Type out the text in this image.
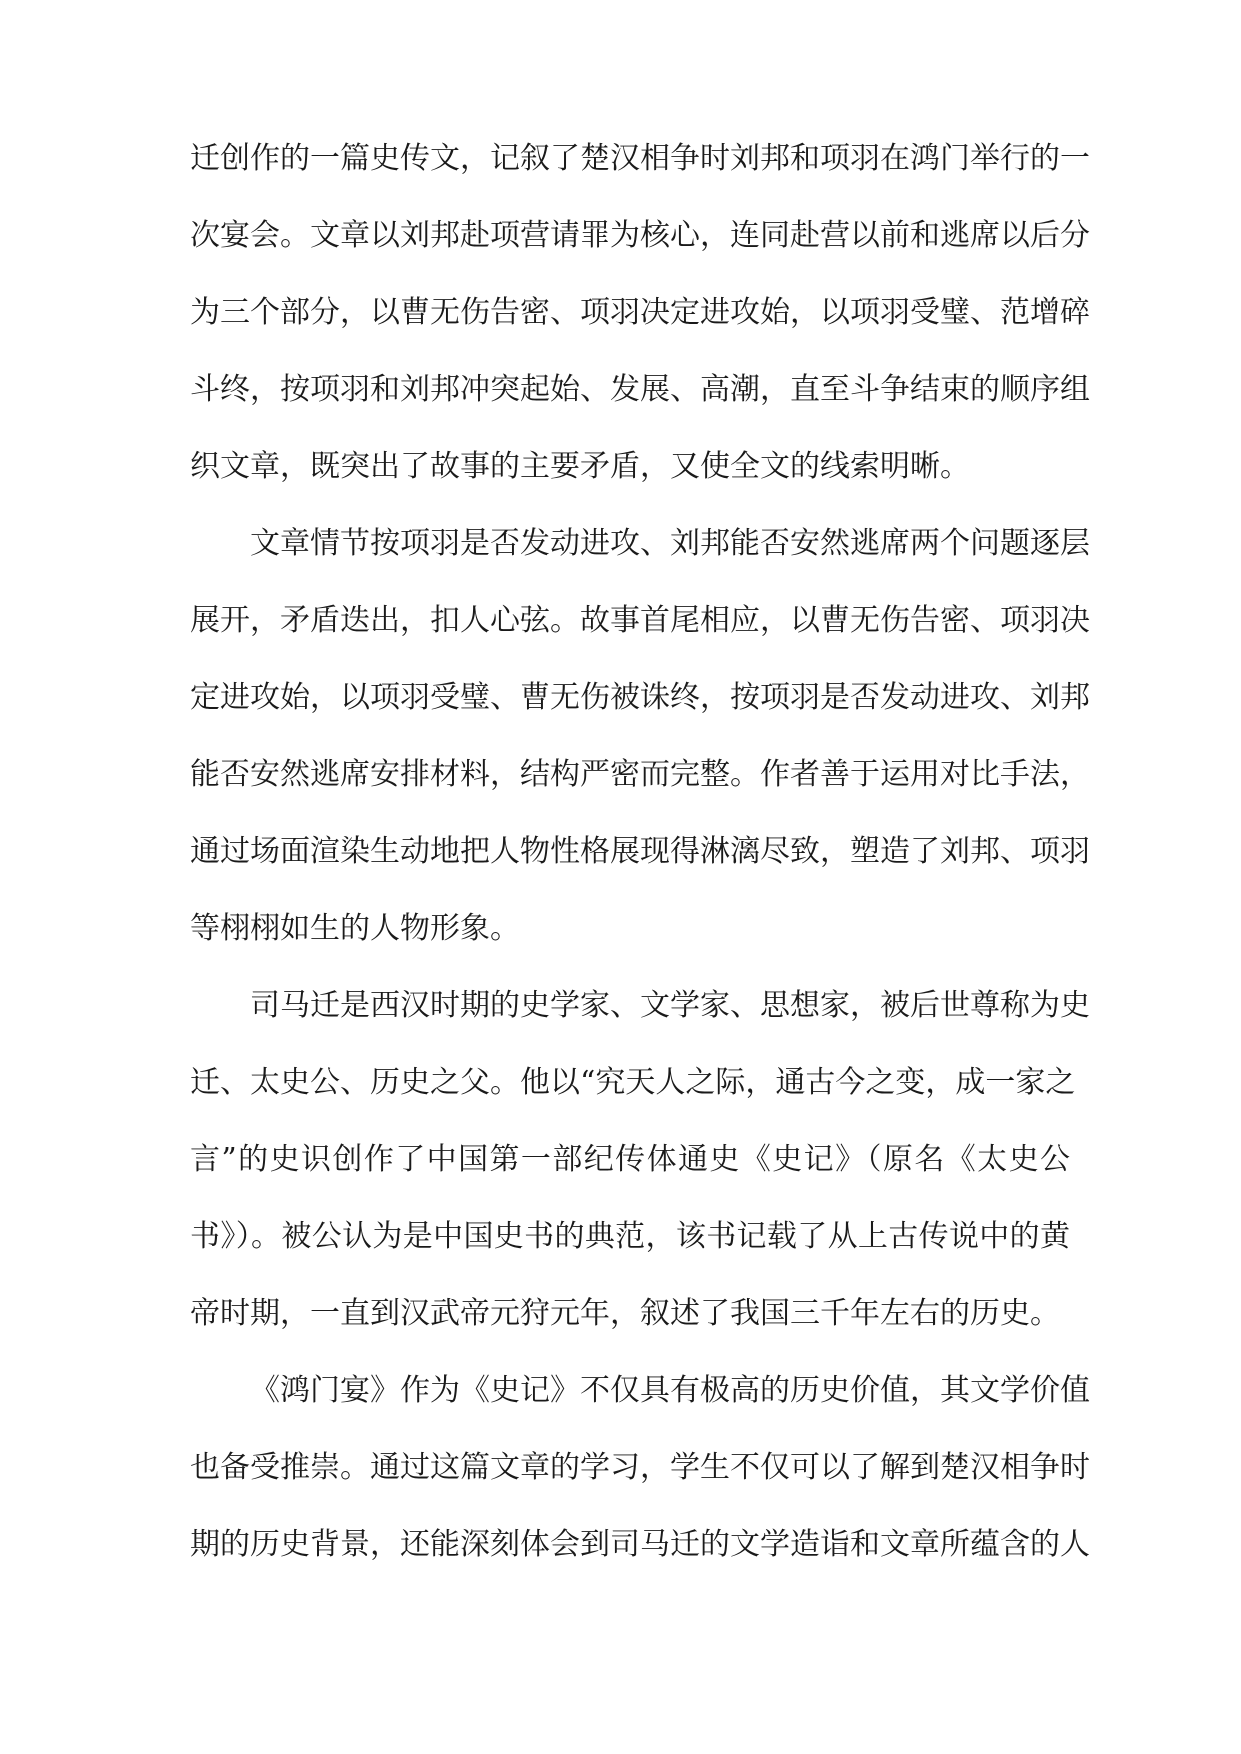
迁创作的一篇史传文，记叙了楚汉相争时刘邦和项羽在鸿门举行的一
次宴会。文章以刘邦赴项营请罪为核心，连同赴营以前和逃席以后分
为三个部分，以曹无伤告密、项羽决定进攻始，以项羽受璧、范增碎
斗终，按项羽和刘邦冲突起始、发展、高潮，直至斗争结束的顺序组
织文章，既突出了故事的主要矛盾，又使全文的线索明晰。
文章情节按项羽是否发动进攻、刘邦能否安然逃席两个问题逐层
展开，矛盾迭出，扣人心弦。故事首尾相应，以曹无伤告密、项羽决
定进攻始，以项羽受璧、曹无伤被诛终，按项羽是否发动进攻、刘邦
能否安然逃席安排材料，结构严密而完整。作者善于运用对比手法，
通过场面渲染生动地把人物性格展现得淋漓尽致，塑造了刘邦、项羽
等栩栩如生的人物形象。
司马迁是西汉时期的史学家、文学家、思想家，被后世尊称为史
迁、太史公、历史之父。他以“究天人之际，通古今之变，成一家之
言”的史识创作了中国第一部纪传体通史《史记》（原名《太史公
书》）。被公认为是中国史书的典范，该书记载了从上古传说中的黄
帝时期，一直到汉武帝元狩元年，叙述了我国三千年左右的历史。
《鸿门宴》作为《史记》不仅具有极高的历史价值，其文学价值
也备受推崇。通过这篇文章的学习，学生不仅可以了解到楚汉相争时
期的历史背景，还能深刻体会到司马迁的文学造诣和文章所蕴含的人
